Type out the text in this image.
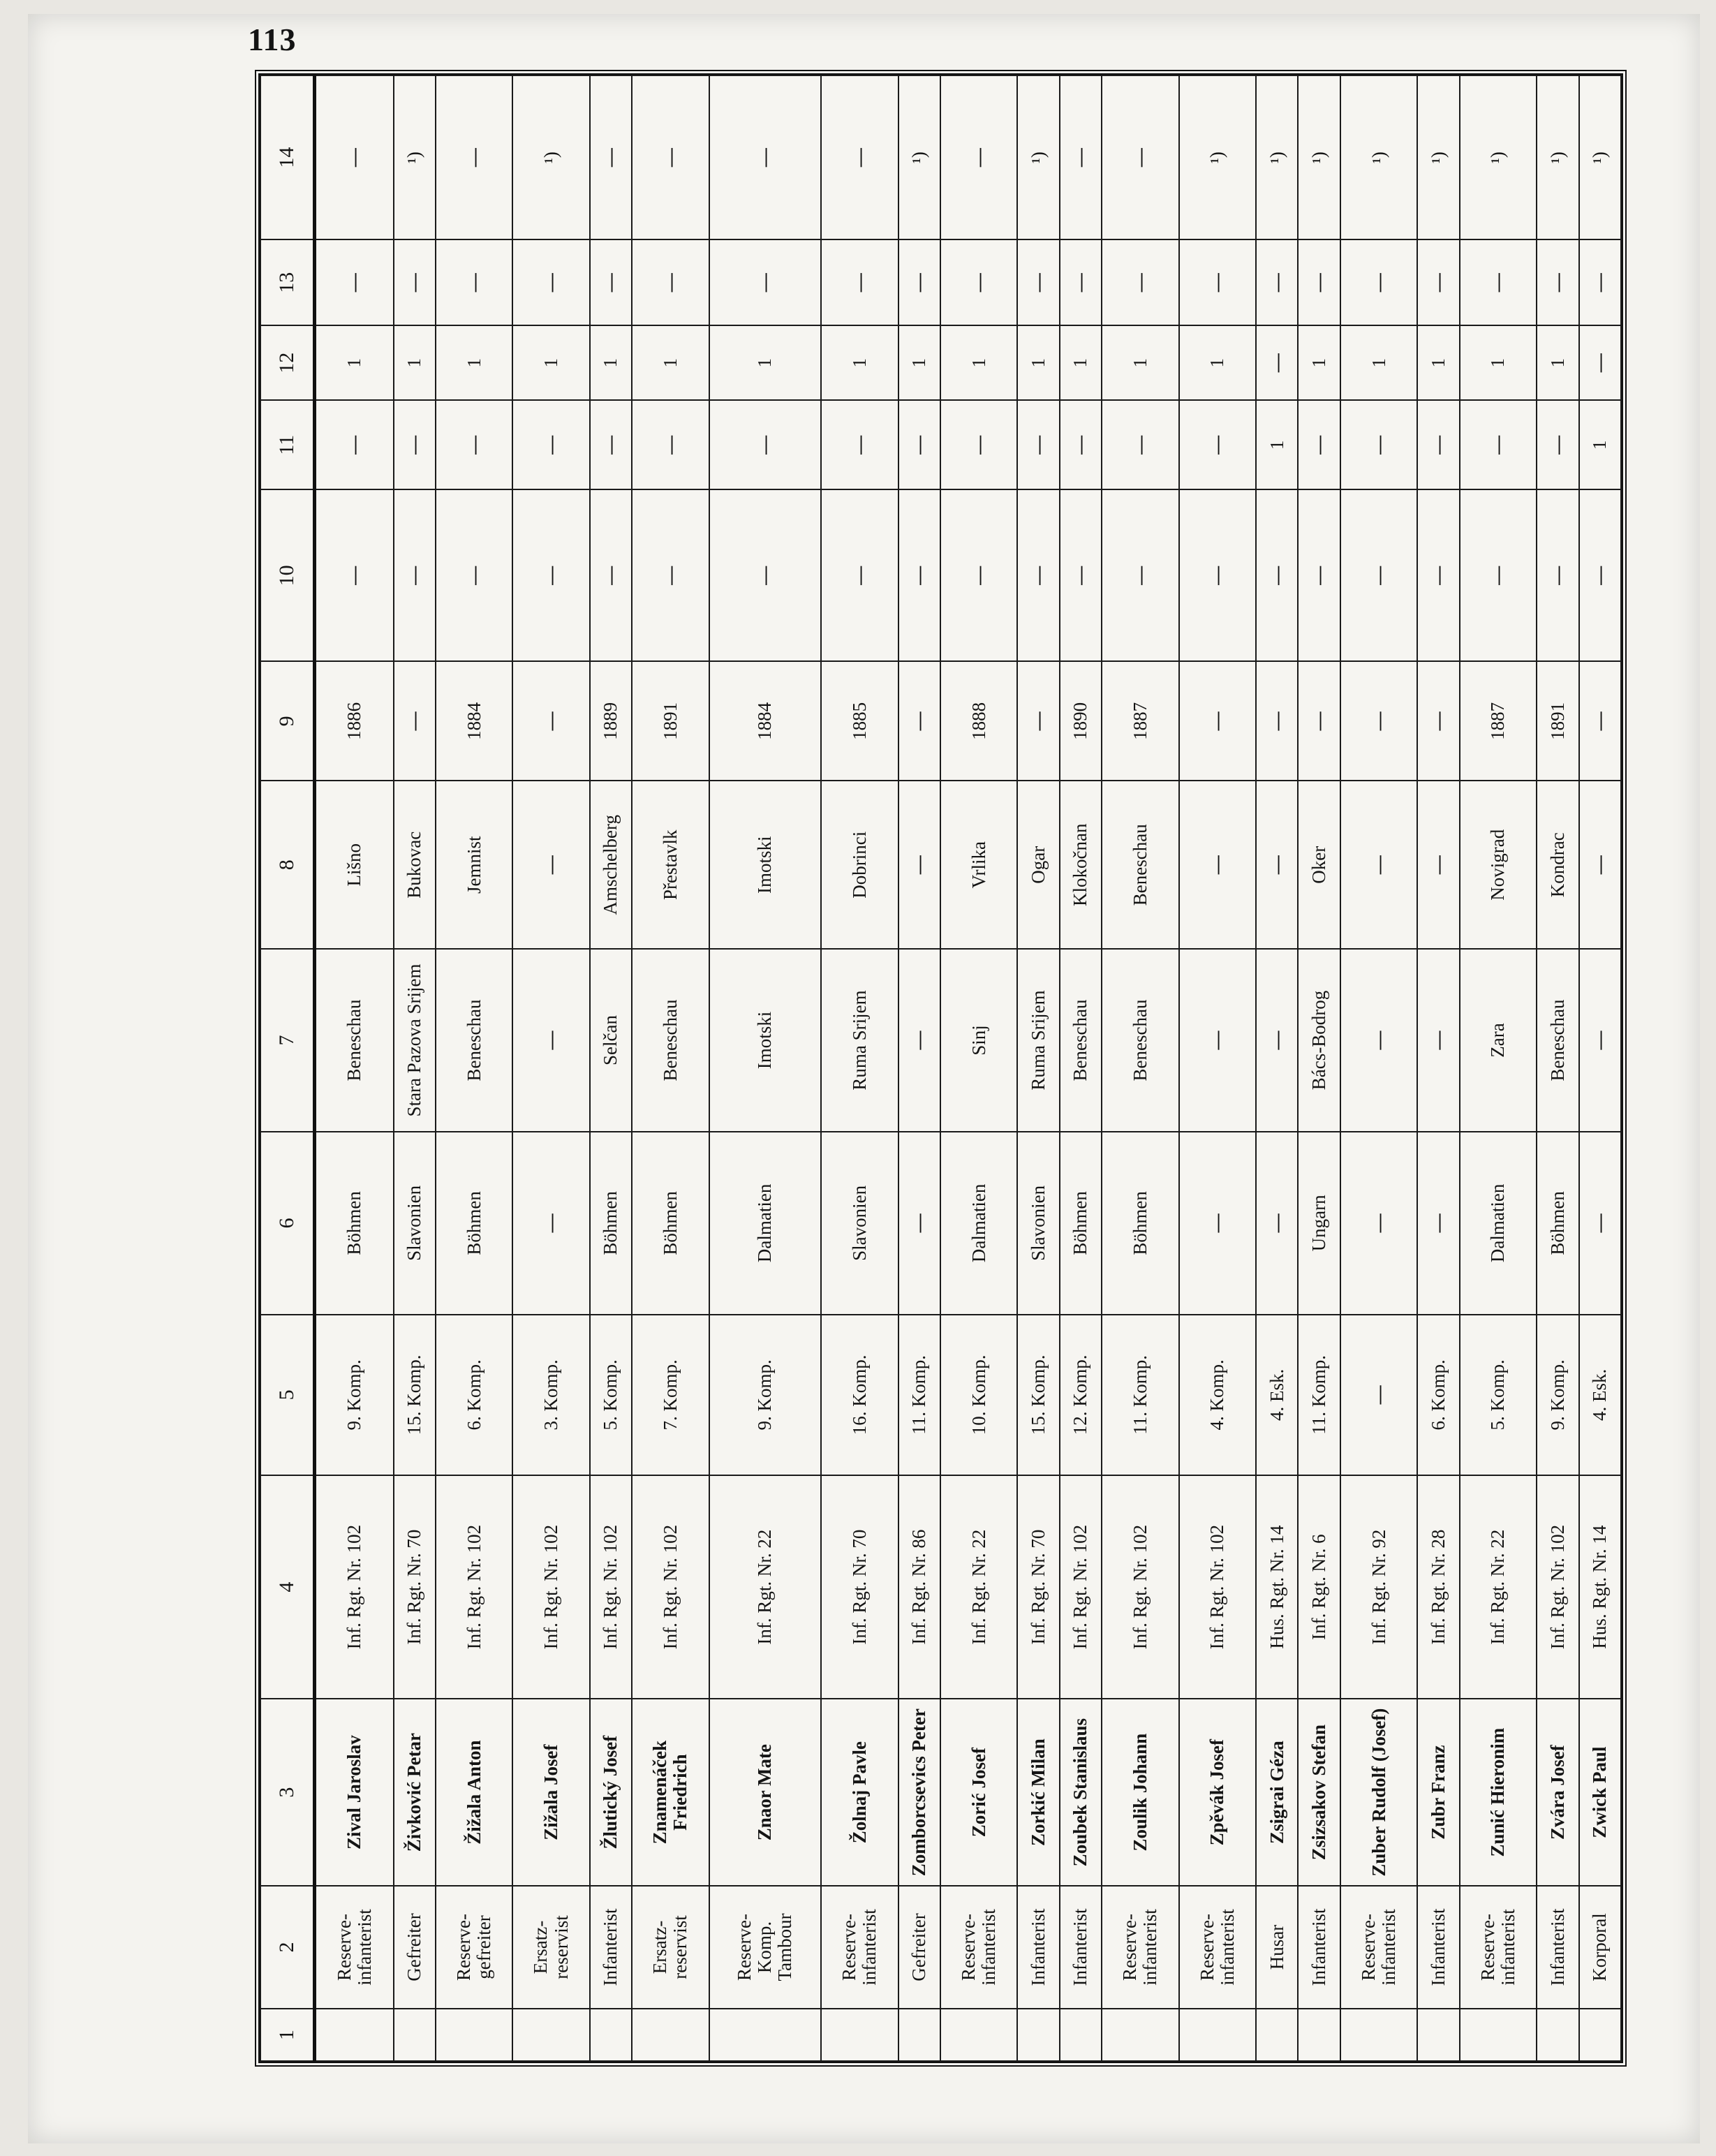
113
1	2	3	4	5	6	7	8	9	10	11	12	13	14
	Reserve-infanterist	Zival Jaroslav	Inf. Rgt. Nr. 102	9. Komp.	Böhmen	Beneschau	Lišno	1886	—	—	1	—	—
	Gefreiter	Živković Petar	Inf. Rgt. Nr. 70	15. Komp.	Slavonien	Stara Pazova Srijem	Bukovac	—	—	—	1	—	¹)
	Reserve-gefreiter	Žižala Anton	Inf. Rgt. Nr. 102	6. Komp.	Böhmen	Beneschau	Jemnist	1884	—	—	1	—	—
	Ersatz-reservist	Zižala Josef	Inf. Rgt. Nr. 102	3. Komp.	—	—	—	—	—	—	1	—	¹)
	Infanterist	Žlutický Josef	Inf. Rgt. Nr. 102	5. Komp.	Böhmen	Selčan	Amschelberg	1889	—	—	1	—	—
	Ersatz-reservist	Znamenáček Friedrich	Inf. Rgt. Nr. 102	7. Komp.	Böhmen	Beneschau	Přestavlk	1891	—	—	1	—	—
	Reserve-Komp. Tambour	Znaor Mate	Inf. Rgt. Nr. 22	9. Komp.	Dalmatien	Imotski	Imotski	1884	—	—	1	—	—
	Reserve-infanterist	Žolnaj Pavle	Inf. Rgt. Nr. 70	16. Komp.	Slavonien	Ruma Srijem	Dobrinci	1885	—	—	1	—	—
	Gefreiter	Zomborcsevics Peter	Inf. Rgt. Nr. 86	11. Komp.	—	—	—	—	—	—	1	—	¹)
	Reserve-infanterist	Zorić Josef	Inf. Rgt. Nr. 22	10. Komp.	Dalmatien	Sinj	Vrlika	1888	—	—	1	—	—
	Infanterist	Zorkić Milan	Inf. Rgt. Nr. 70	15. Komp.	Slavonien	Ruma Srijem	Ogar	—	—	—	1	—	¹)
	Infanterist	Zoubek Stanislaus	Inf. Rgt. Nr. 102	12. Komp.	Böhmen	Beneschau	Klokočnan	1890	—	—	1	—	—
	Reserve-infanterist	Zoulik Johann	Inf. Rgt. Nr. 102	11. Komp.	Böhmen	Beneschau	Beneschau	1887	—	—	1	—	—
	Reserve-infanterist	Zpěvák Josef	Inf. Rgt. Nr. 102	4. Komp.	—	—	—	—	—	—	1	—	¹)
	Husar	Zsigrai Géza	Hus. Rgt. Nr. 14	4. Esk.	—	—	—	—	—	1	—	—	¹)
	Infanterist	Zsizsakov Stefan	Inf. Rgt. Nr. 6	11. Komp.	Ungarn	Bács-Bodrog	Oker	—	—	—	1	—	¹)
	Reserve-infanterist	Zuber Rudolf (Josef)	Inf. Rgt. Nr. 92	—	—	—	—	—	—	—	1	—	¹)
	Infanterist	Zubr Franz	Inf. Rgt. Nr. 28	6. Komp.	—	—	—	—	—	—	1	—	¹)
	Reserve-infanterist	Zunić Hieronim	Inf. Rgt. Nr. 22	5. Komp.	Dalmatien	Zara	Novigrad	1887	—	—	1	—	¹)
	Infanterist	Zvára Josef	Inf. Rgt. Nr. 102	9. Komp.	Böhmen	Beneschau	Kondrac	1891	—	—	1	—	¹)
	Korporal	Zwick Paul	Hus. Rgt. Nr. 14	4. Esk.	—	—	—	—	—	1	—	—	¹)
